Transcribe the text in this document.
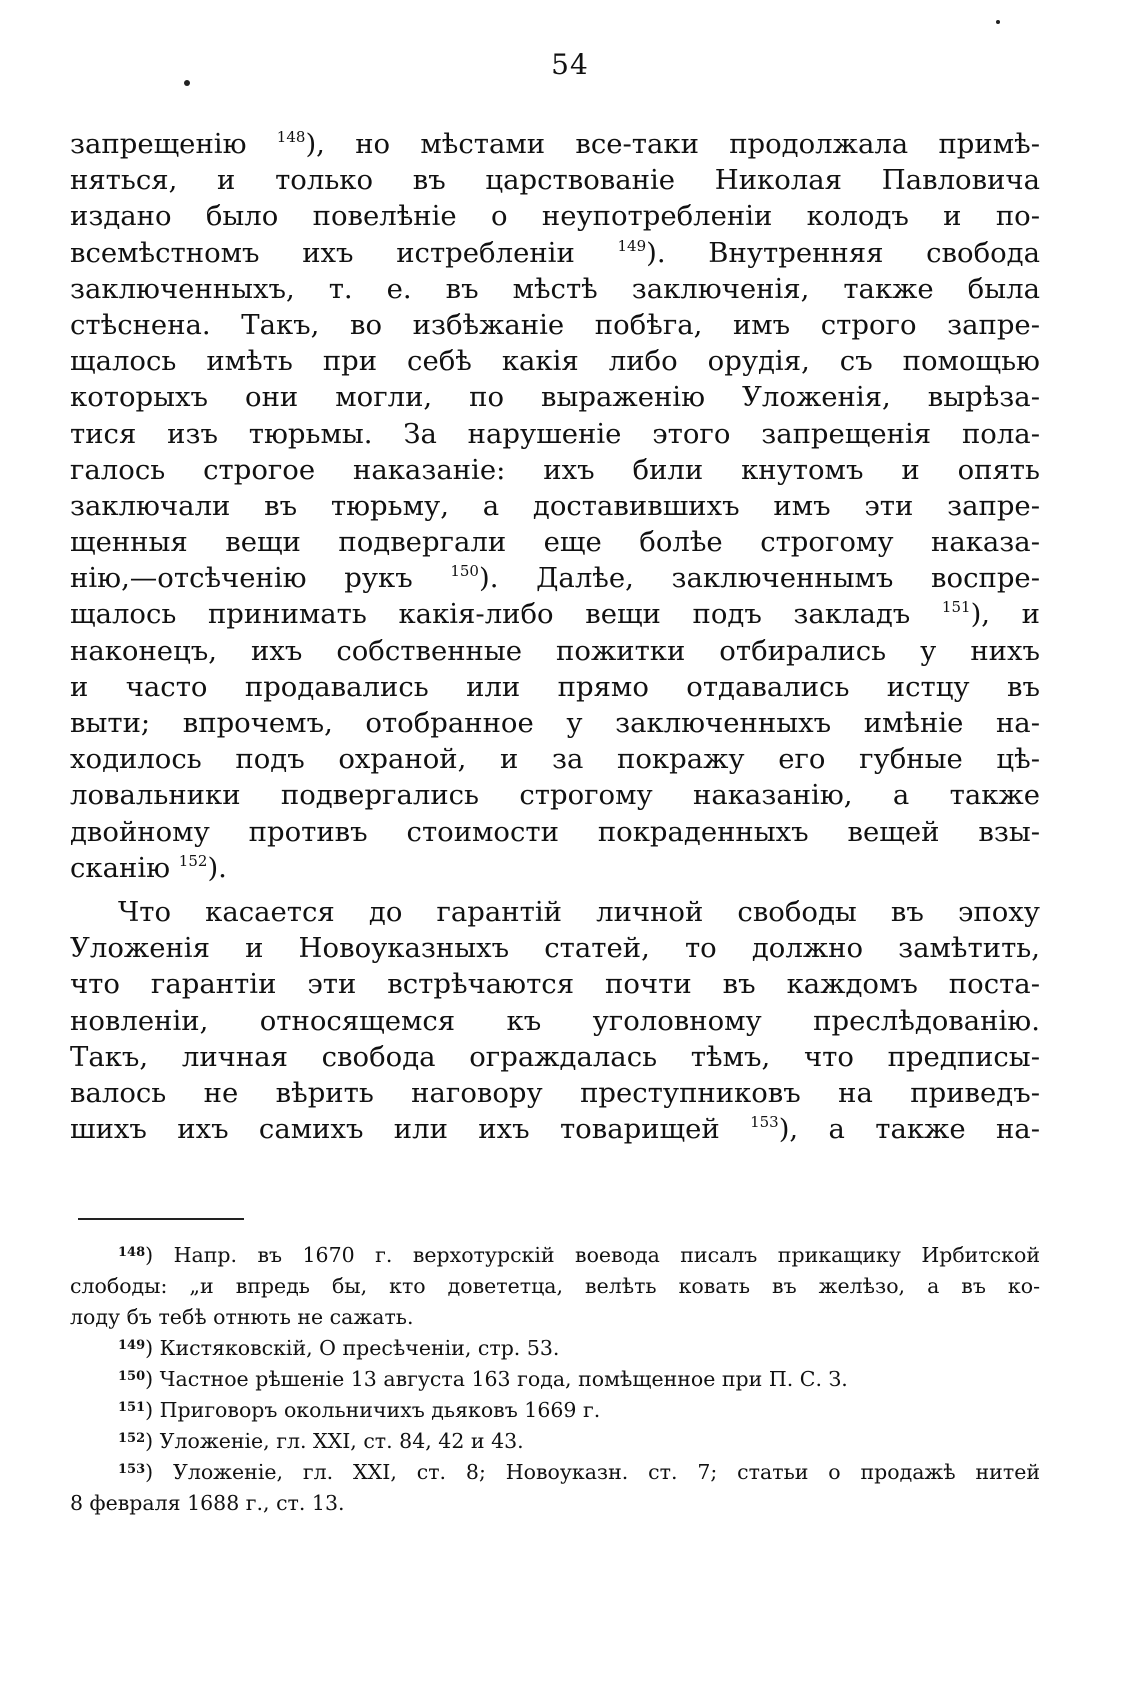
54
запрещенію $^{148}$), но мѣстами все-таки продолжала примѣ-
няться, и только въ царствованіе Николая Павловича
издано было повелѣніе о неупотребленіи колодъ и по-
всемѣстномъ ихъ истребленіи $^{149}$). Внутренняя свобода
заключенныхъ, т. е. въ мѣстѣ заключенія, также была
стѣснена. Такъ, во избѣжаніе побѣга, имъ строго запре-
щалось имѣть при себѣ какія либо орудія, съ помощью
которыхъ они могли, по выраженію Уложенія, вырѣза-
тися изъ тюрьмы. За нарушеніе этого запрещенія пола-
галось строгое наказаніе: ихъ били кнутомъ и опять
заключали въ тюрьму, а доставившихъ имъ эти запре-
щенныя вещи подвергали еще болѣе строгому наказа-
нію,—отсѣченію рукъ $^{150}$). Далѣе, заключеннымъ воспре-
щалось принимать какія-либо вещи подъ закладъ $^{151}$), и
наконецъ, ихъ собственные пожитки отбирались у нихъ
и часто продавались или прямо отдавались истцу въ
выти; впрочемъ, отобранное у заключенныхъ имѣніе на-
ходилось подъ охраной, и за покражу его губные цѣ-
ловальники подвергались строгому наказанію, а также
двойному противъ стоимости покраденныхъ вещей взы-
сканію $^{152}$).
Что касается до гарантій личной свободы въ эпоху
Уложенія и Новоуказныхъ статей, то должно замѣтить,
что гарантіи эти встрѣчаются почти въ каждомъ поста-
новленіи, относящемся къ уголовному преслѣдованію.
Такъ, личная свобода ограждалась тѣмъ, что предписы-
валось не вѣрить наговору преступниковъ на приведъ-
шихъ ихъ самихъ или ихъ товарищей $^{153}$), а также на-
$^{148}$) Напр. въ 1670 г. верхотурскій воевода писалъ прикащику Ирбитской
слободы: „и впредь бы, кто довететца, велѣть ковать въ желѣзо, а въ ко-
лоду бъ тебѣ отнють не сажать.
$^{149}$) Кистяковскій, О пресѣченіи, стр. 53.
$^{150}$) Частное рѣшеніе 13 августа 163 года, помѣщенное при П. С. З.
$^{151}$) Приговоръ окольничихъ дьяковъ 1669 г.
$^{152}$) Уложеніе, гл. XXI, ст. 84, 42 и 43.
$^{153}$) Уложеніе, гл. XXI, ст. 8; Новоуказн. ст. 7; статьи о продажѣ нитей
8 февраля 1688 г., ст. 13.
